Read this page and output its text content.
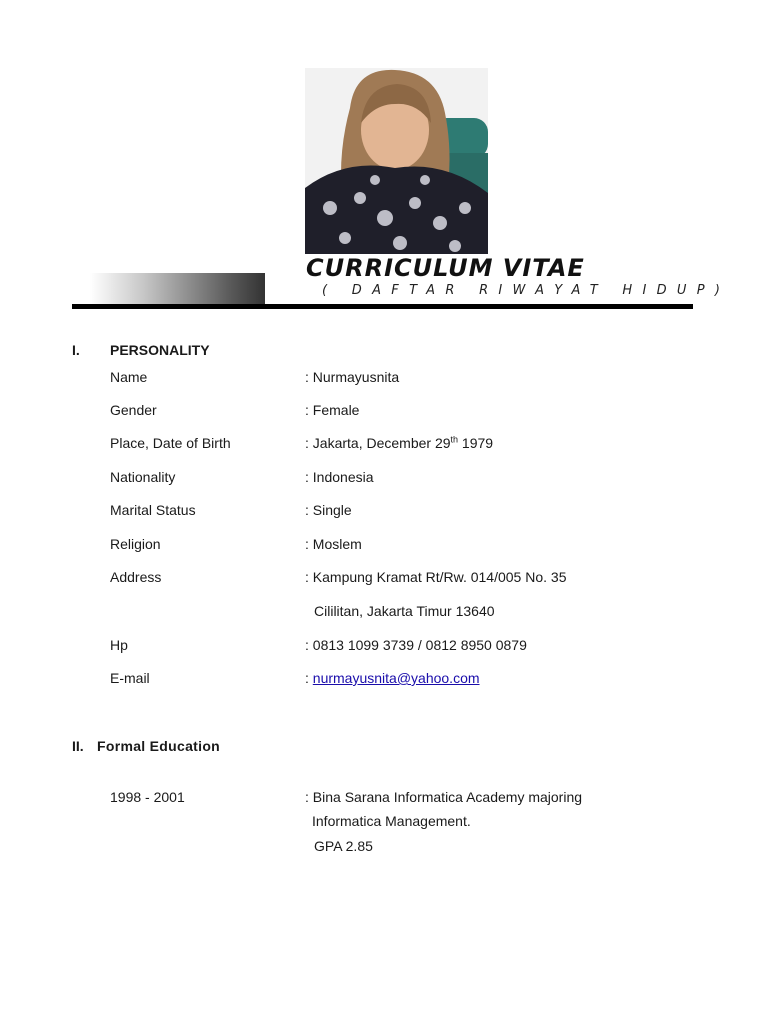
CURRICULUM VITAE
( DAFTAR RIWAYAT HIDUP)
I. PERSONALITY
Name	: Nurmayusnita
Gender	: Female
Place, Date of Birth	: Jakarta, December 29th 1979
Nationality	: Indonesia
Marital Status	: Single
Religion	: Moslem
Address	: Kampung Kramat Rt/Rw. 014/005 No. 35
Cililitan, Jakarta Timur 13640
Hp	: 0813 1099 3739 / 0812 8950 0879
E-mail	: nurmayusnita@yahoo.com
II. Formal Education
1998 - 2001	: Bina Sarana Informatica Academy majoring
Informatica Management.
GPA 2.85
